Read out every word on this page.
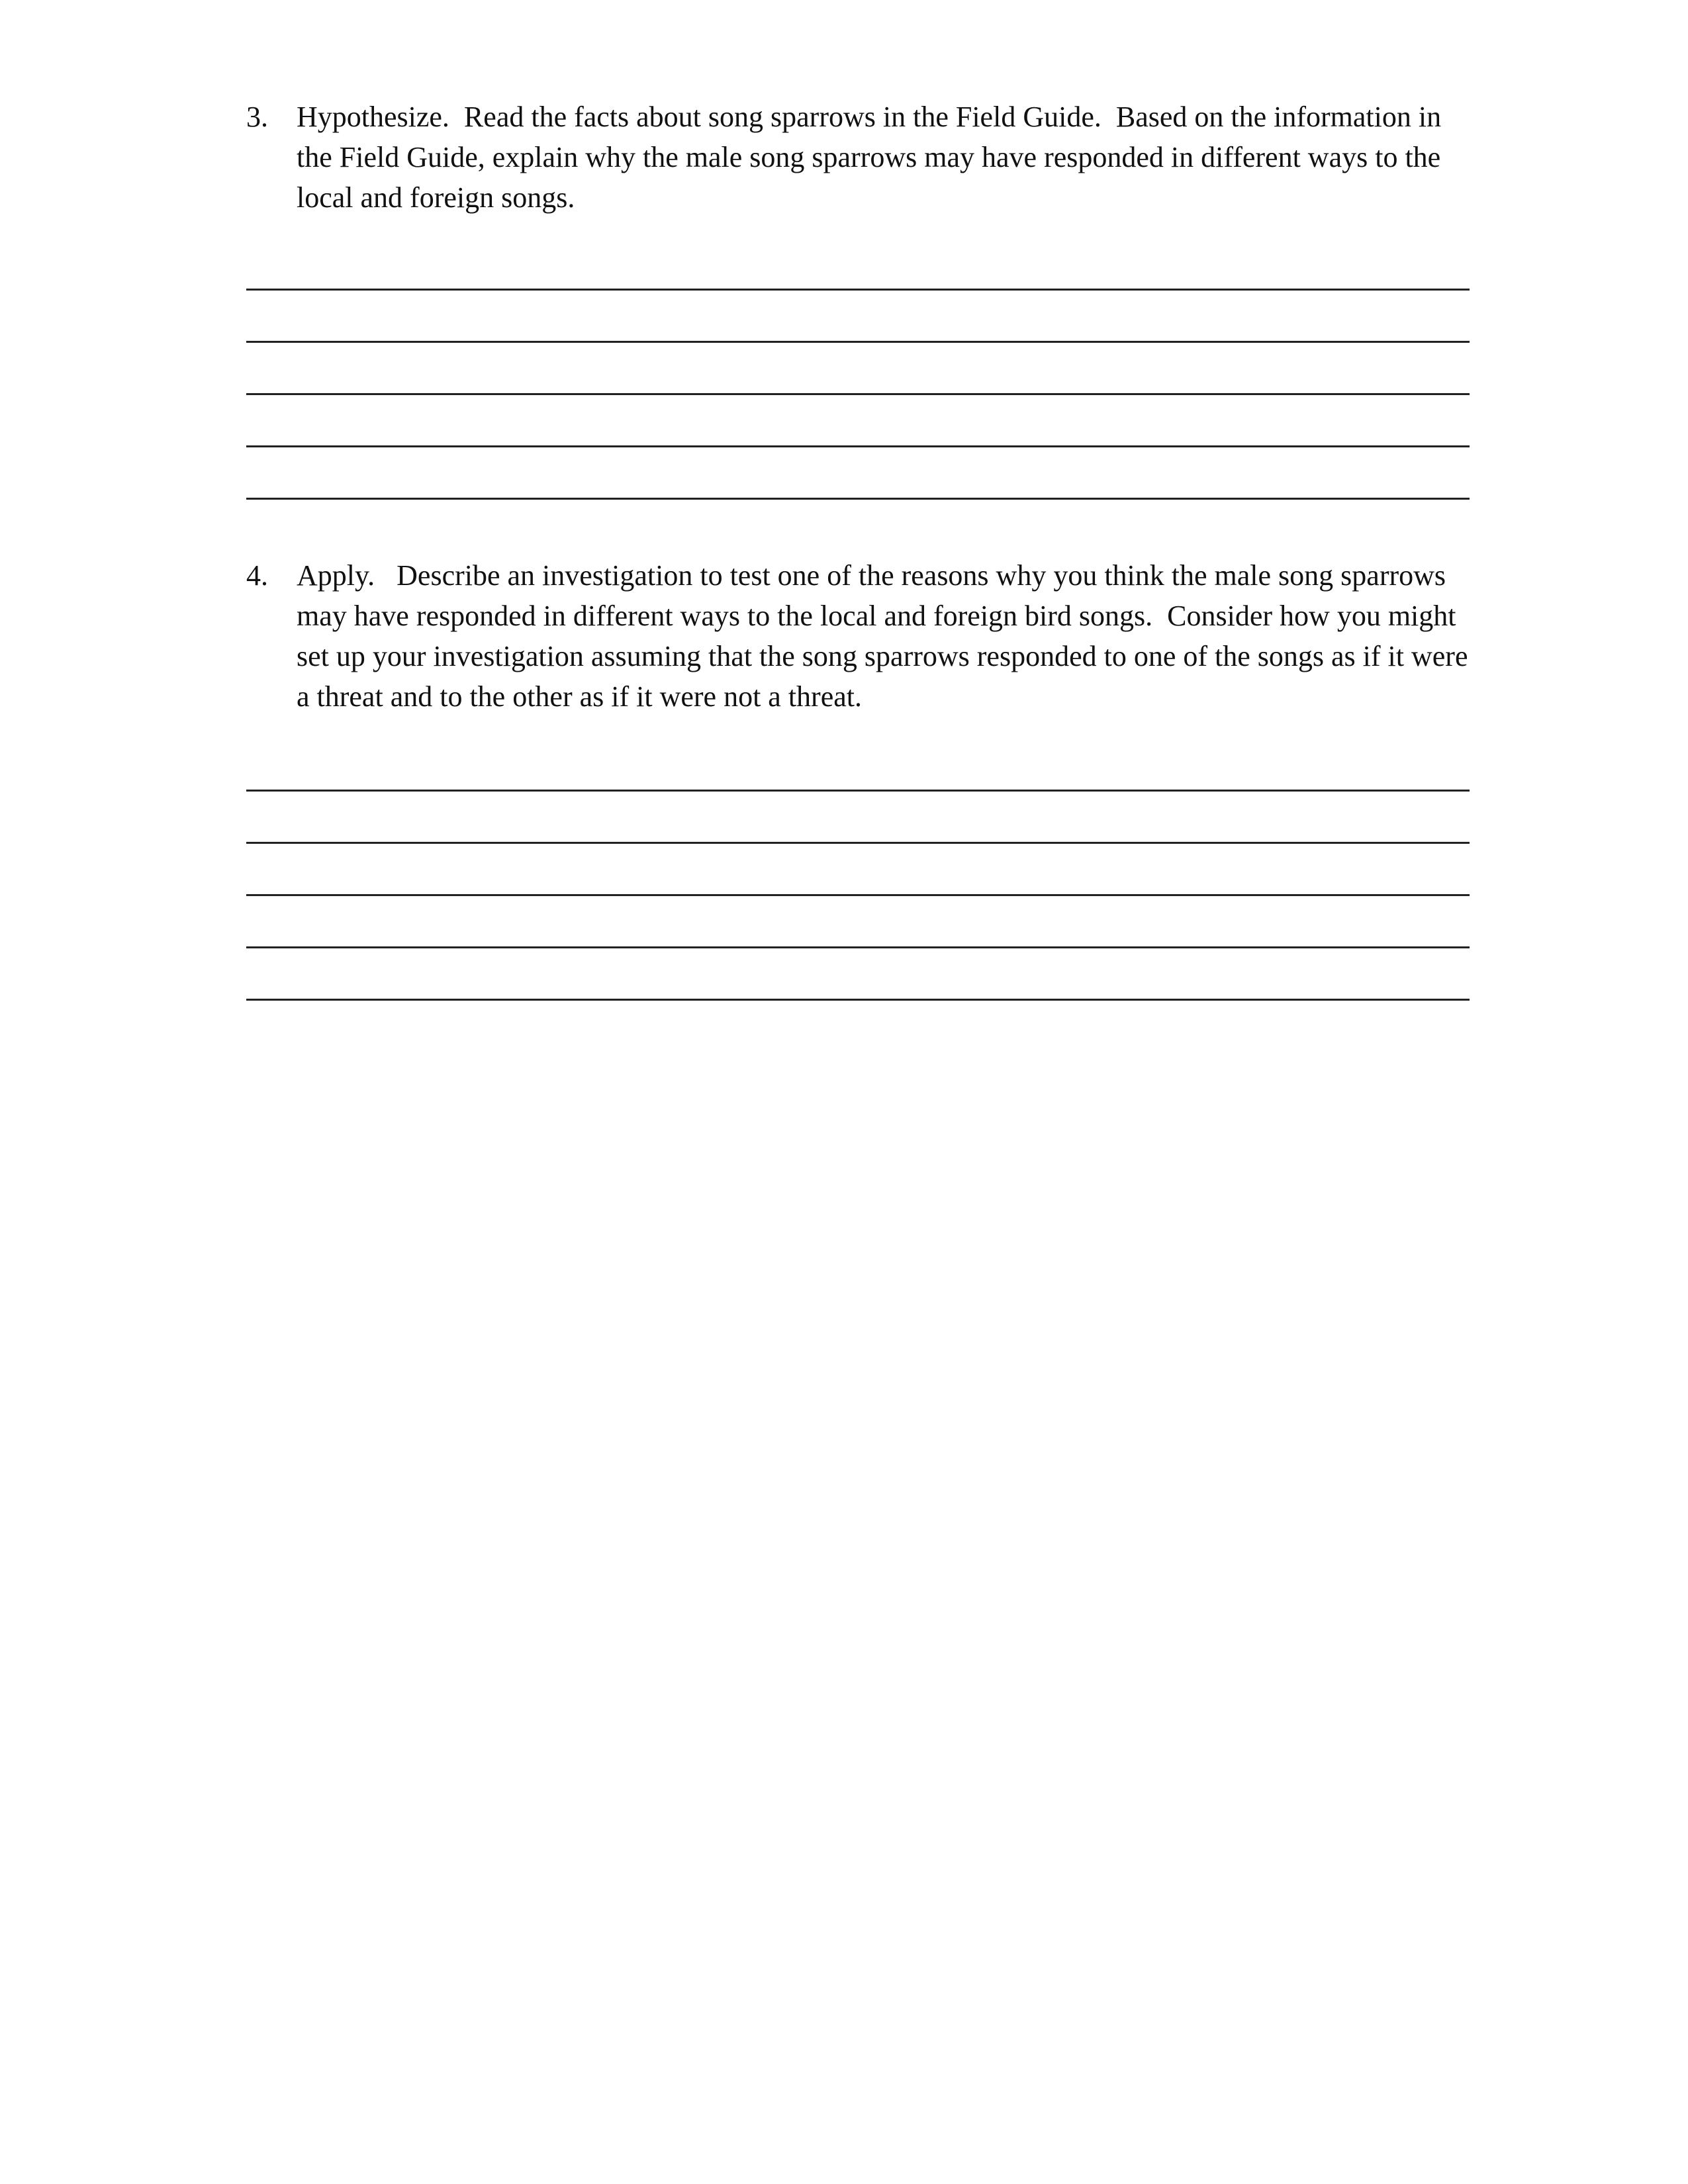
3. Hypothesize.  Read the facts about song sparrows in the Field Guide.  Based on the information in the Field Guide, explain why the male song sparrows may have responded in different ways to the local and foreign songs.
4. Apply.   Describe an investigation to test one of the reasons why you think the male song sparrows may have responded in different ways to the local and foreign bird songs.  Consider how you might set up your investigation assuming that the song sparrows responded to one of the songs as if it were a threat and to the other as if it were not a threat.
